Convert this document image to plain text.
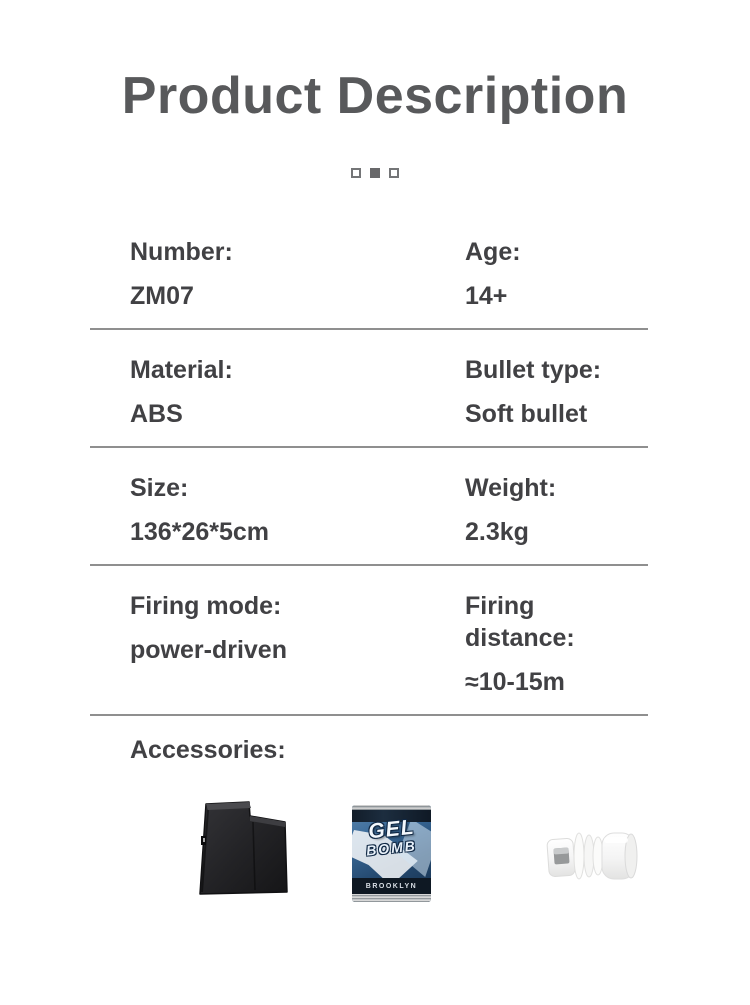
Product Description
Number:
ZM07
Age:
14+
Material:
ABS
Bullet type:
Soft bullet
Size:
136*26*5cm
Weight:
2.3kg
Firing mode:
power-driven
Firing distance:
≈10-15m
Accessories:
GEL
BOMB
BROOKLYN
